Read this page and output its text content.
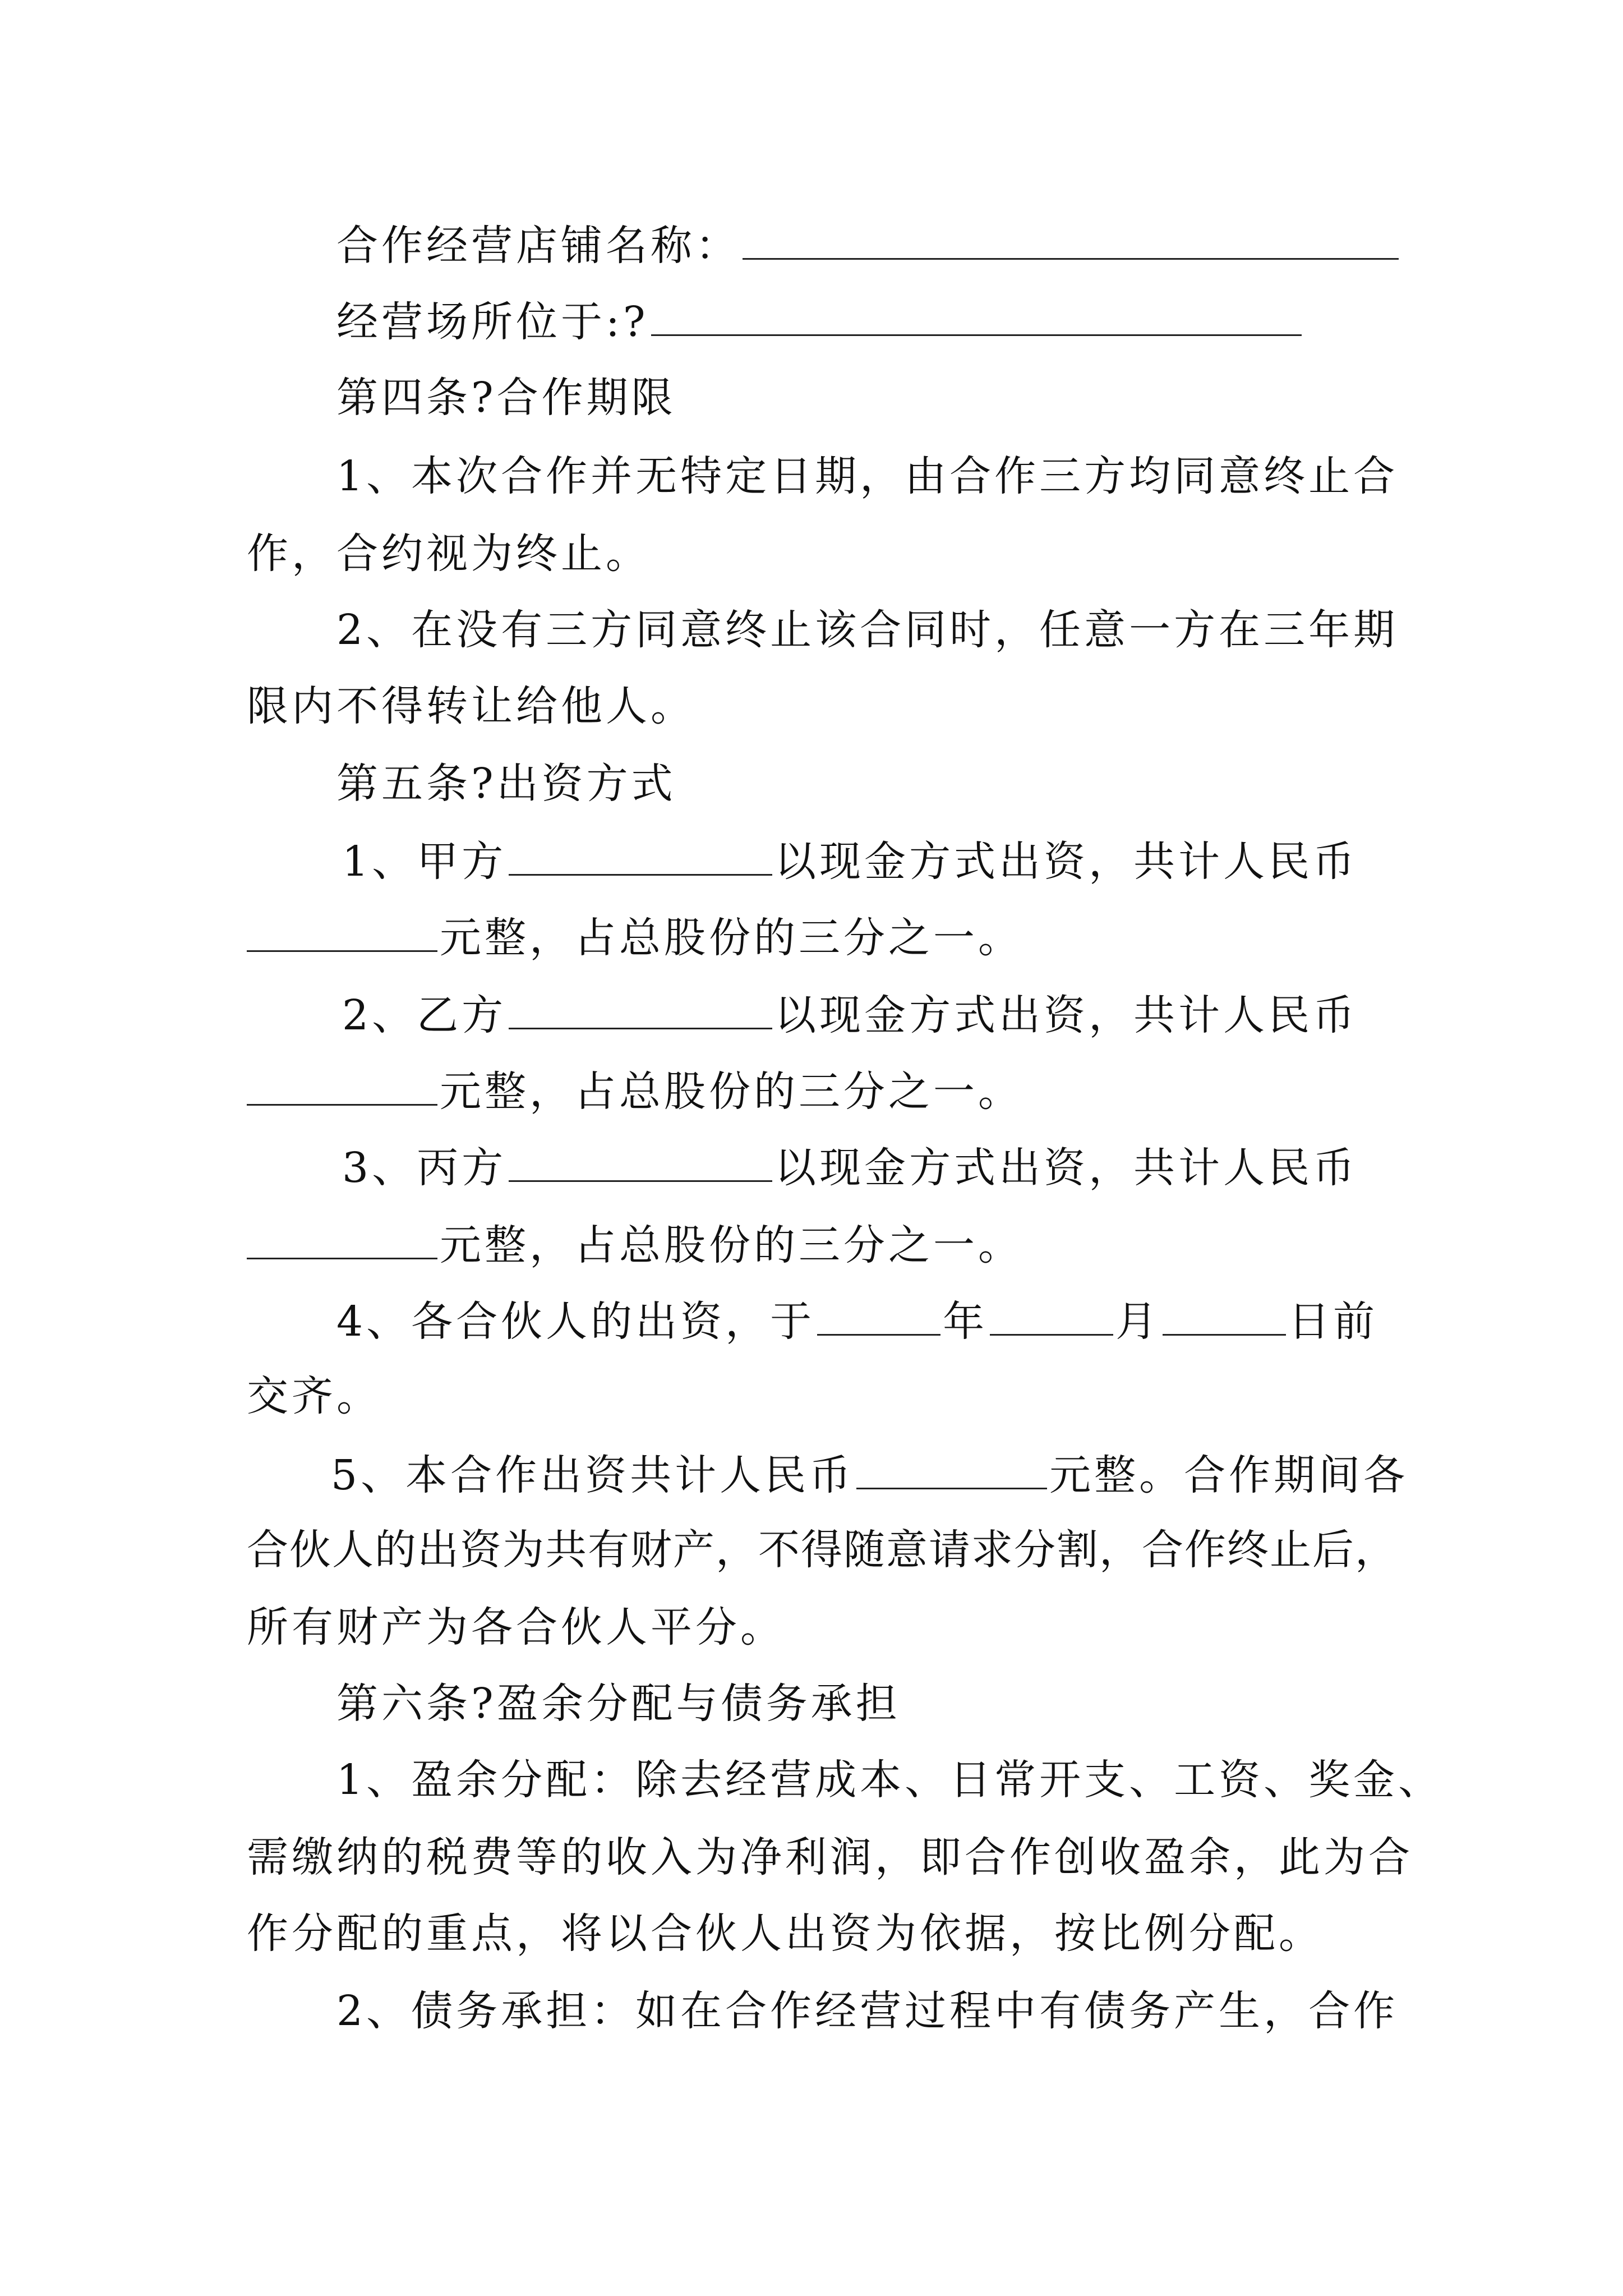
合作经营店铺名称：
经营场所位于:?
第四条?合作期限
1、本次合作并无特定日期，由合作三方均同意终止合
作，合约视为终止。
2、在没有三方同意终止该合同时，任意一方在三年期
限内不得转让给他人。
第五条?出资方式
1、甲方	以现金方式出资，共计人民币
元整，占总股份的三分之一。
2、乙方	以现金方式出资，共计人民币
元整，占总股份的三分之一。
3、丙方	以现金方式出资，共计人民币
元整，占总股份的三分之一。
4、各合伙人的出资，于	年	月	日前
交齐。
5、本合作出资共计人民币	元整。合作期间各
合伙人的出资为共有财产，不得随意请求分割，合作终止后，
所有财产为各合伙人平分。
第六条?盈余分配与债务承担
1、盈余分配：除去经营成本、日常开支、工资、奖金、
需缴纳的税费等的收入为净利润，即合作创收盈余，此为合
作分配的重点，将以合伙人出资为依据，按比例分配。
2、债务承担：如在合作经营过程中有债务产生，合作
